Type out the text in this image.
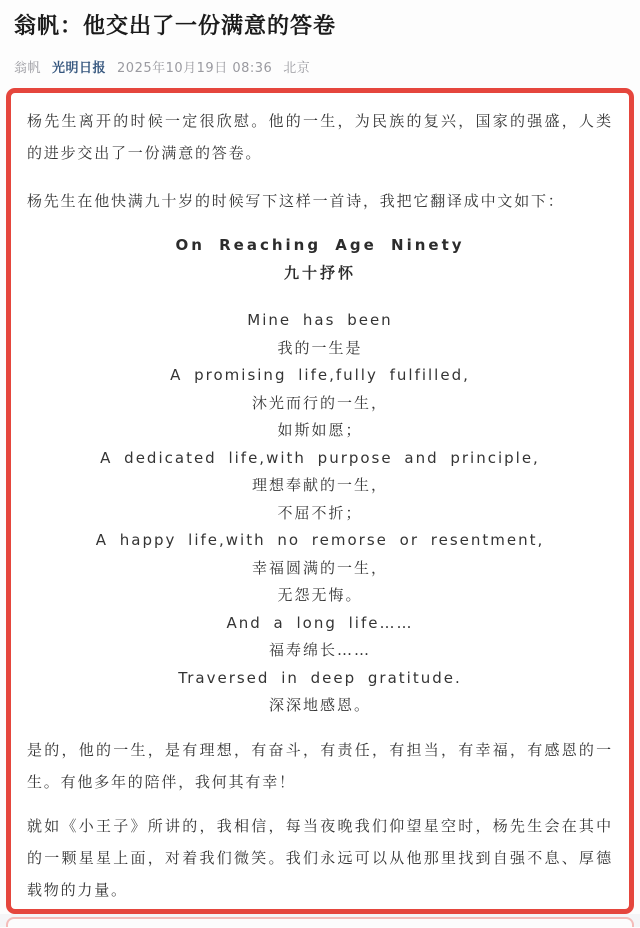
翁帆：他交出了一份满意的答卷
翁帆 光明日报 2025年10月19日 08:36 北京

杨先生离开的时候一定很欣慰。他的一生，为民族的复兴，国家的强盛，人类的进步交出了一份满意的答卷。

杨先生在他快满九十岁的时候写下这样一首诗，我把它翻译成中文如下：

On Reaching Age Ninety
九十抒怀
Mine has been
我的一生是
A promising life,fully fulfilled,
沐光而行的一生，
如斯如愿；
A dedicated life,with purpose and principle,
理想奉献的一生，
不屈不折；
A happy life,with no remorse or resentment,
幸福圆满的一生，
无怨无悔。
And a long life……
福寿绵长……
Traversed in deep gratitude.
深深地感恩。

是的，他的一生，是有理想，有奋斗，有责任，有担当，有幸福，有感恩的一生。有他多年的陪伴，我何其有幸！

就如《小王子》所讲的，我相信，每当夜晚我们仰望星空时，杨先生会在其中的一颗星星上面，对着我们微笑。我们永远可以从他那里找到自强不息、厚德载物的力量。
